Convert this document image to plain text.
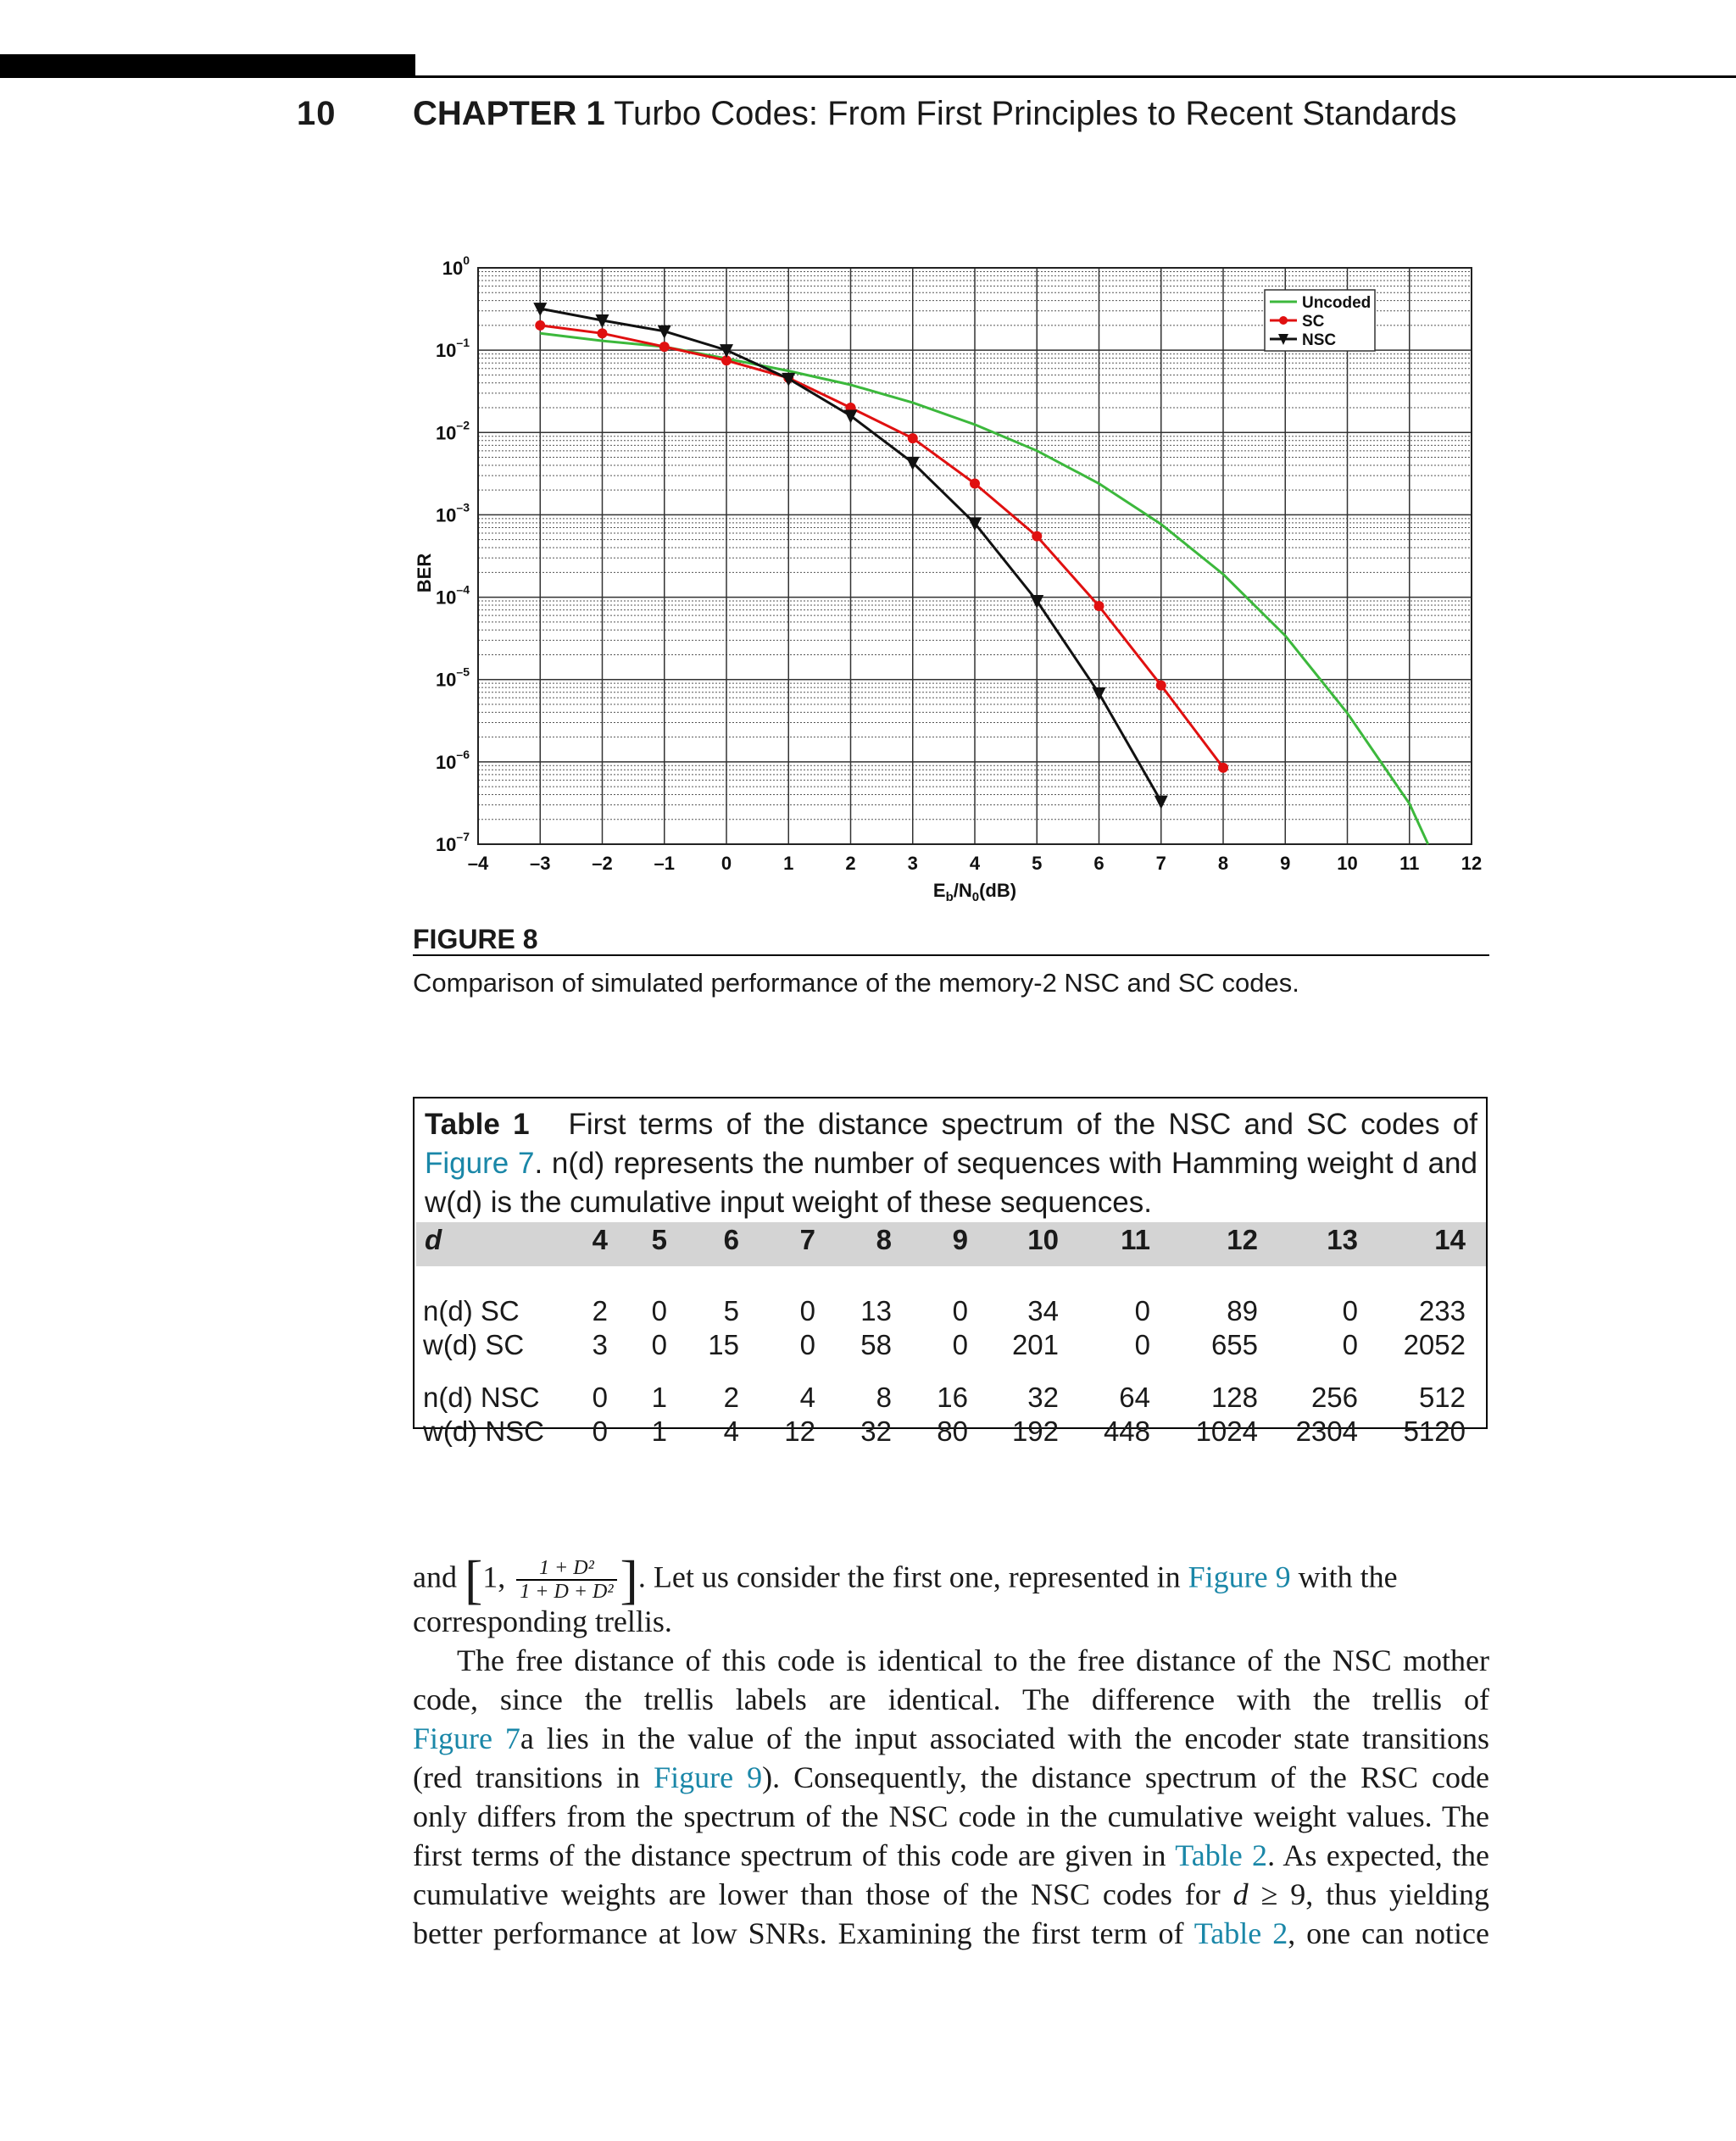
10 CHAPTER 1 Turbo Codes: From First Principles to Recent Standards
–4 –3 –2 –1 0	1	2	3	4	5	6	7	8	9 10 11 12
$10^0$
$10^{-1}$
$10^{-2}$
$10^{-3}$
$10^{-4}$
$10^{-5}$
$10^{-6}$
$10^{-7}$
$E_b/N_0(dB)$
BER
Uncoded
SC
NSC
FIGURE 8
Comparison of simulated performance of the memory-2 NSC and SC codes.
Table 1 First terms of the distance spectrum of the NSC and SC codes of Figure 7. n(d) represents the number of sequences with Hamming weight d and w(d) is the cumulative input weight of these sequences.
d	4 5 6 7 8 9 10 11	12 13	14
n(d) SC	2 0 5 0 13 0 34	0	89	0 233
w(d) SC 3 0 15 0 58 0 201	0 655	0 2052
n(d) NSC 0 1 2 4 8 16 32 64 128 256 512
w(d) NSC 0 1 4 12 32 80 192 448 1024 2304 5120
and [1, $\frac{\text{1 + D²}}{\text{1 + D + D²}}$ ]. Let us consider the first one, represented in Figure 9 with the
corresponding trellis.
The free distance of this code is identical to the free distance of the NSC mother
code, since the trellis labels are identical. The difference with the trellis of
Figure 7a lies in the value of the input associated with the encoder state transitions
(red transitions in Figure 9). Consequently, the distance spectrum of the RSC code
only differs from the spectrum of the NSC code in the cumulative weight values. The
first terms of the distance spectrum of this code are given in Table 2. As expected, the
cumulative weights are lower than those of the NSC codes for d ≥ 9, thus yielding
better performance at low SNRs. Examining the first term of Table 2, one can notice
